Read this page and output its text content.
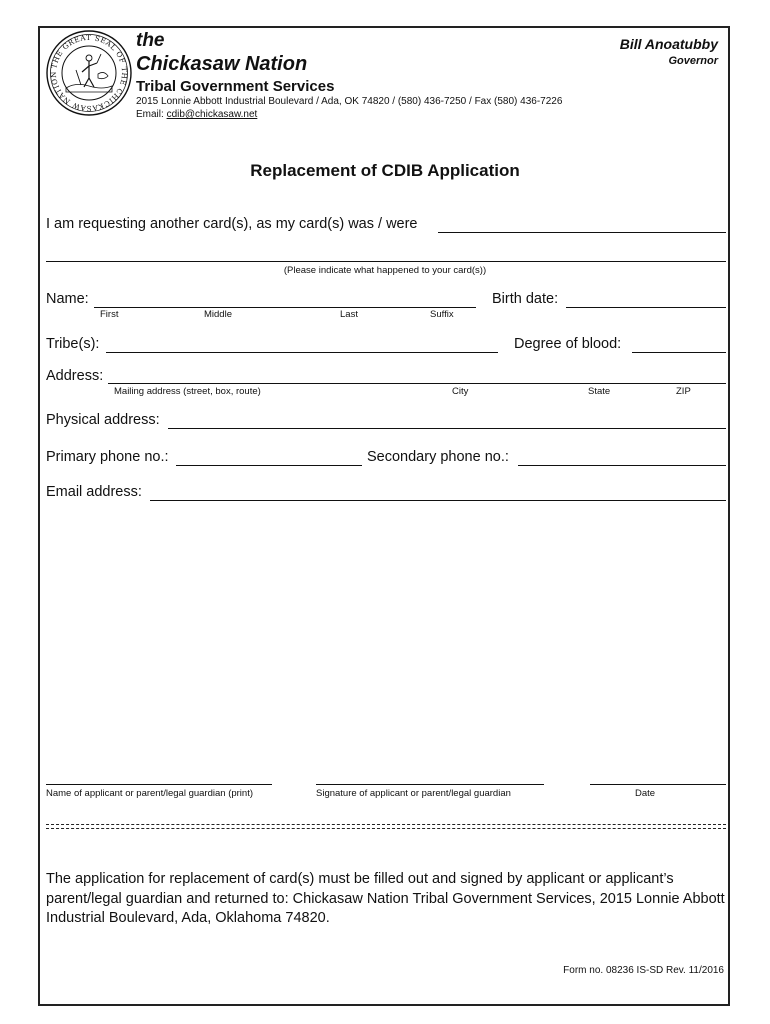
THE GREAT SEAL OF THE CHICKASAW NATION
the
Chickasaw Nation
Tribal Government Services
2015 Lonnie Abbott Industrial Boulevard / Ada, OK 74820 / (580) 436-7250 / Fax (580) 436-7226
Email: cdib@chickasaw.net
Bill Anoatubby
Governor
Replacement of CDIB Application
I am requesting another card(s), as my card(s) was / were
(Please indicate what happened to your card(s))
Name:
First	Middle	Last	Suffix
Birth date:
Tribe(s):	Degree of blood:
Address:
Mailing address (street, box, route)	City	State	ZIP
Physical address:
Primary phone no.:	Secondary phone no.:
Email address:
Name of applicant or parent/legal guardian (print)	Signature of applicant or parent/legal guardian	Date
The application for replacement of card(s) must be filled out and signed by applicant or applicant’s parent/legal guardian and returned to: Chickasaw Nation Tribal Government Services, 2015 Lonnie Abbott Industrial Boulevard, Ada, Oklahoma 74820.
Form no. 08236 IS-SD Rev. 11/2016
